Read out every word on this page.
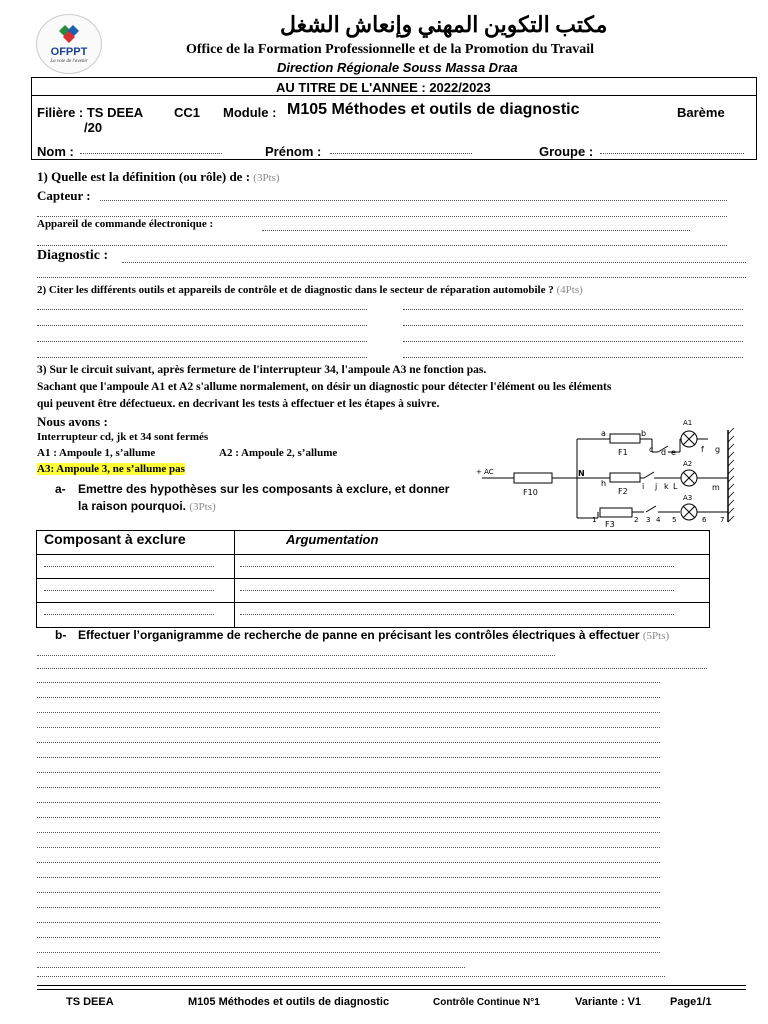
OFPPT
La voie de l'avenir
مكتب التكوين المهني وإنعاش الشغل
Office de la Formation Professionnelle et de la Promotion du Travail
Direction Régionale Souss Massa Draa
AU TITRE DE L'ANNEE : 2022/2023
Filière : TS DEEA CC1 Module : M105 Méthodes et outils de diagnostic	Barème
/20
Nom :	Prénom :	Groupe :
1) Quelle est la définition (ou rôle) de : (3Pts)
Capteur :
Appareil de commande électronique :
Diagnostic :
2) Citer les différents outils et appareils de contrôle et de diagnostic dans le secteur de réparation automobile ? (4Pts)
3) Sur le circuit suivant, après fermeture de l'interrupteur 34, l'ampoule A3 ne fonction pas.
Sachant que l'ampoule A1 et A2 s'allume normalement, on désir un diagnostic pour détecter l'élément ou les éléments
qui peuvent être défectueux. en decrivant les tests à effectuer et les étapes à suivre.
Nous avons :
Interrupteur cd, jk et 34 sont fermés
A1 : Ampoule 1, s’allume	A2 : Ampoule 2, s’allume
A3: Ampoule 3, ne s’allume pas
a- Emettre des hypothèses sur les composants à exclure, et donner
la raison pourquoi. (3Pts)
+ AC
F10
N
a	b
F1	c d e
A1
f g
h
F2
i j k L
A2
m
F3
1	2 3 4 5
A3
6 7
Composant à exclure	Argumentation
b- Effectuer l’organigramme de recherche de panne en précisant les contrôles électriques à effectuer (5Pts)
TS DEEA	M105 Méthodes et outils de diagnostic	Contrôle Continue N°1	Variante : V1	Page1/1
